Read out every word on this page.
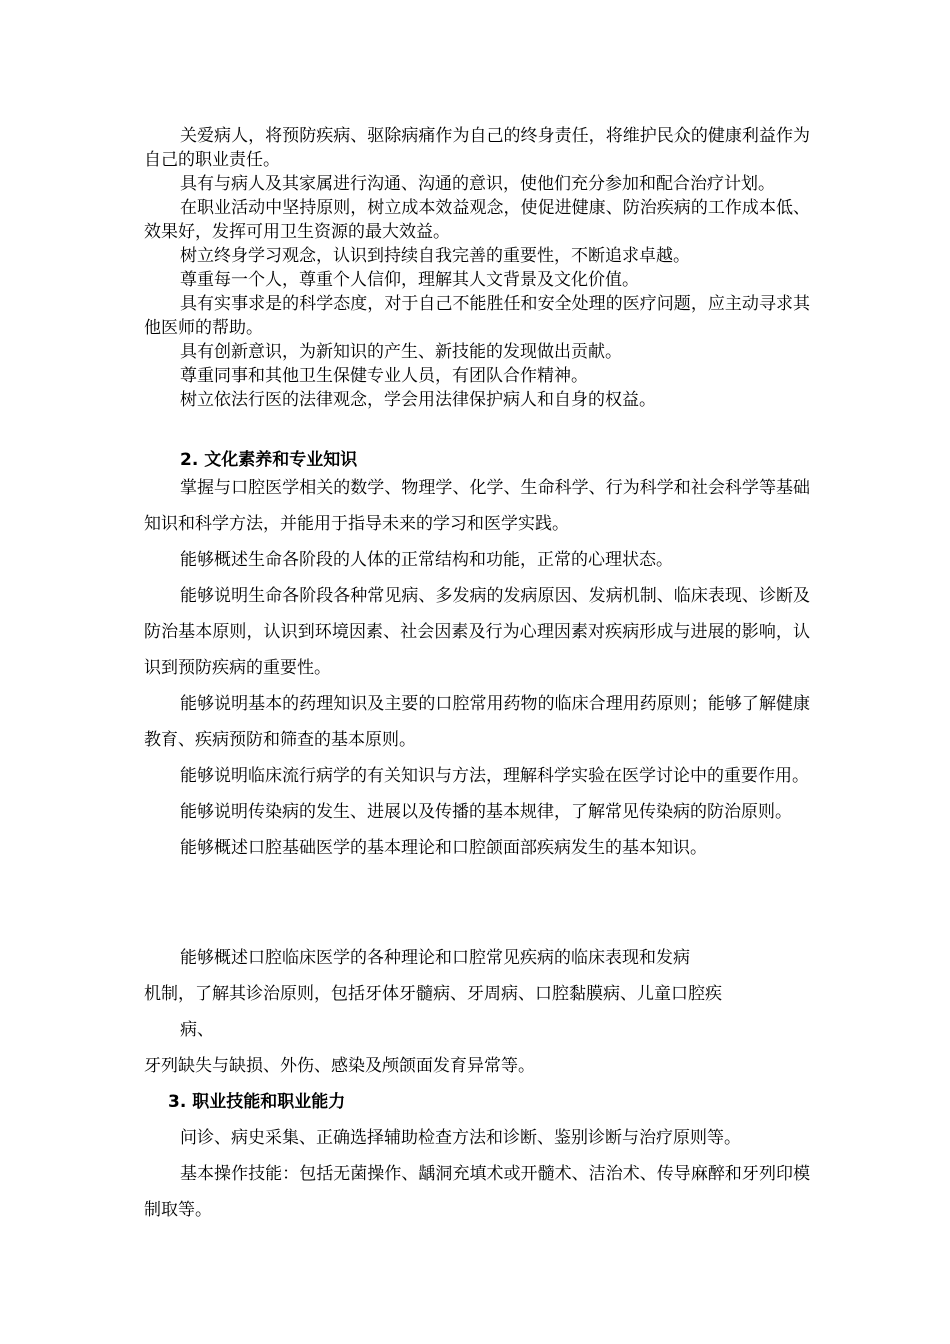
关爱病人，将预防疾病、驱除病痛作为自己的终身责任，将维护民众的健康利益作为自己的职业责任。

具有与病人及其家属进行沟通、沟通的意识，使他们充分参加和配合治疗计划。

在职业活动中坚持原则，树立成本效益观念，使促进健康、防治疾病的工作成本低、效果好，发挥可用卫生资源的最大效益。

树立终身学习观念，认识到持续自我完善的重要性，不断追求卓越。

尊重每一个人，尊重个人信仰，理解其人文背景及文化价值。

具有实事求是的科学态度，对于自己不能胜任和安全处理的医疗问题，应主动寻求其他医师的帮助。

具有创新意识，为新知识的产生、新技能的发现做出贡献。

尊重同事和其他卫生保健专业人员，有团队合作精神。

树立依法行医的法律观念，学会用法律保护病人和自身的权益。

2. 文化素养和专业知识

掌握与口腔医学相关的数学、物理学、化学、生命科学、行为科学和社会科学等基础知识和科学方法，并能用于指导未来的学习和医学实践。

能够概述生命各阶段的人体的正常结构和功能，正常的心理状态。

能够说明生命各阶段各种常见病、多发病的发病原因、发病机制、临床表现、诊断及防治基本原则，认识到环境因素、社会因素及行为心理因素对疾病形成与进展的影响，认识到预防疾病的重要性。

能够说明基本的药理知识及主要的口腔常用药物的临床合理用药原则；能够了解健康教育、疾病预防和筛查的基本原则。

能够说明临床流行病学的有关知识与方法，理解科学实验在医学讨论中的重要作用。

能够说明传染病的发生、进展以及传播的基本规律，了解常见传染病的防治原则。

能够概述口腔基础医学的基本理论和口腔颌面部疾病发生的基本知识。

能够概述口腔临床医学的各种理论和口腔常见疾病的临床表现和发病

机制，了解其诊治原则，包括牙体牙髓病、牙周病、口腔黏膜病、儿童口腔疾

病、

牙列缺失与缺损、外伤、感染及颅颌面发育异常等。

3. 职业技能和职业能力

问诊、病史采集、正确选择辅助检查方法和诊断、鉴别诊断与治疗原则等。

基本操作技能：包括无菌操作、龋洞充填术或开髓术、洁治术、传导麻醉和牙列印模制取等。
